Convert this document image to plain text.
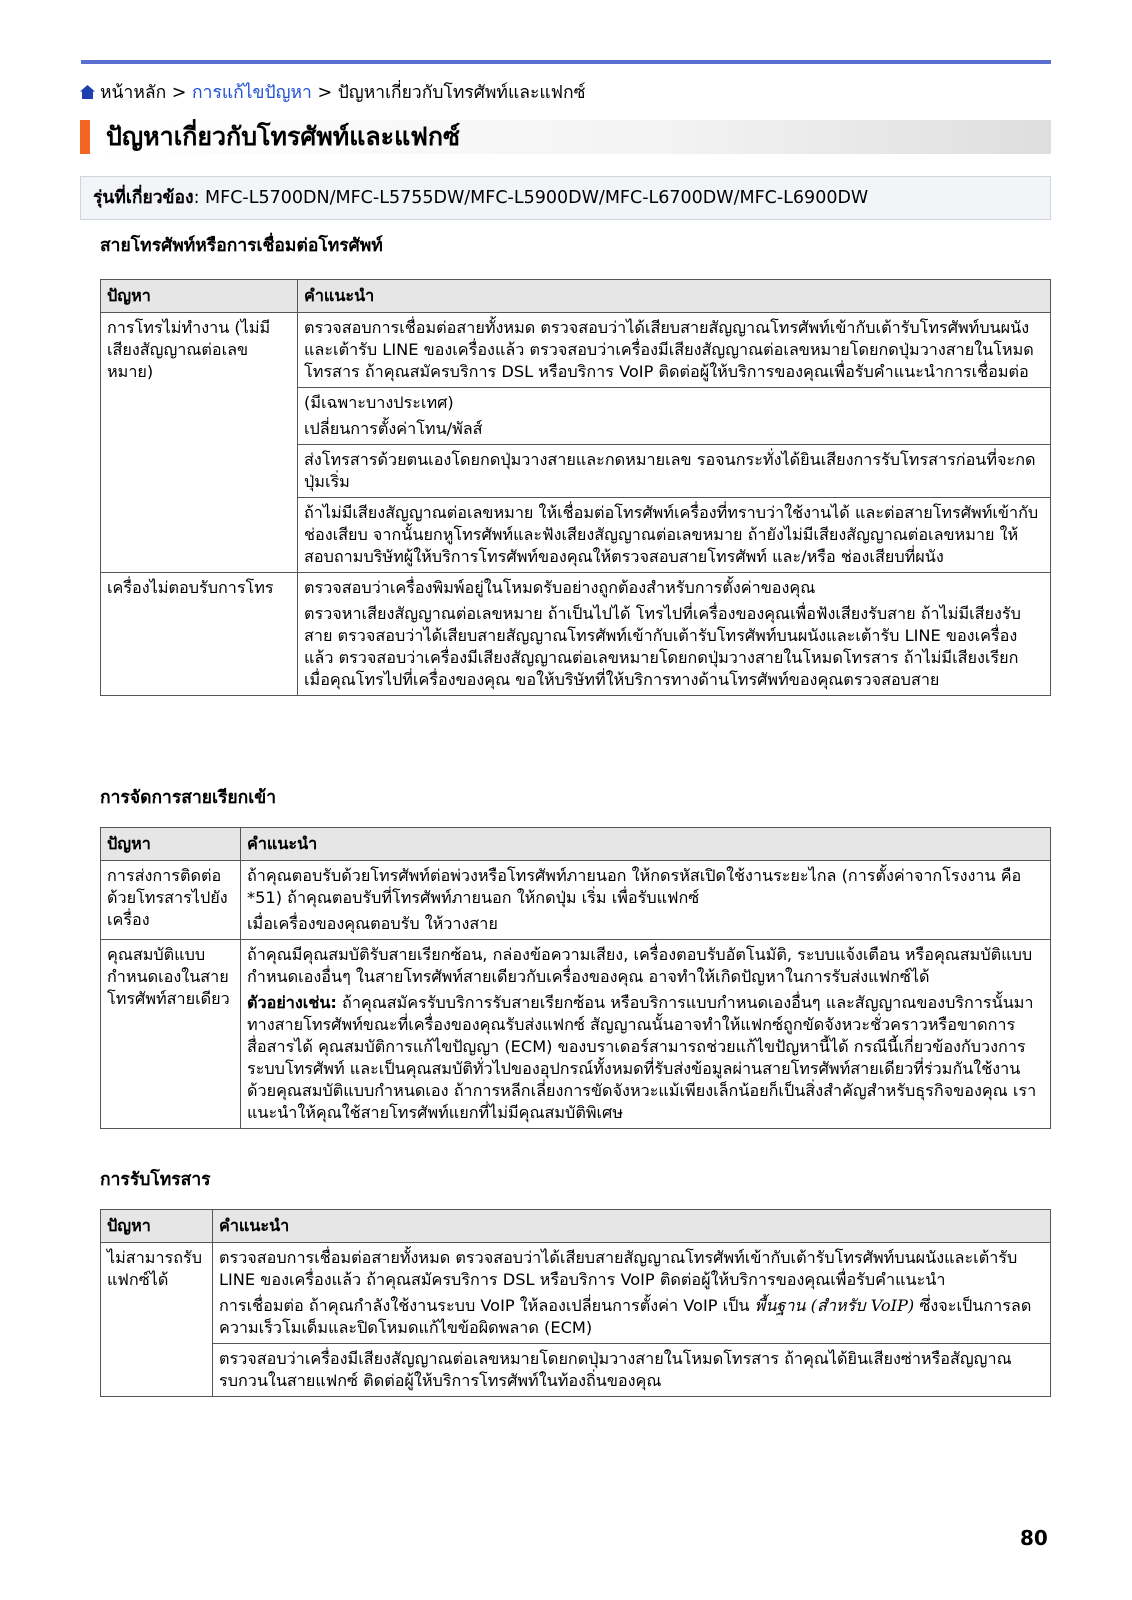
หน้าหลัก > การแก้ไขปัญหา > ปัญหาเกี่ยวกับโทรศัพท์และแฟกซ์
ปัญหาเกี่ยวกับโทรศัพท์และแฟกซ์
รุ่นที่เกี่ยวข้อง: MFC-L5700DN/MFC-L5755DW/MFC-L5900DW/MFC-L6700DW/MFC-L6900DW
สายโทรศัพท์หรือการเชื่อมต่อโทรศัพท์
ปัญหา	คำแนะนำ
การโทรไม่ทำงาน (ไม่มีเสียงสัญญาณต่อเลขหมาย)	ตรวจสอบการเชื่อมต่อสายทั้งหมด ตรวจสอบว่าได้เสียบสายสัญญาณโทรศัพท์เข้ากับเต้ารับโทรศัพท์บนผนังและเต้ารับ LINE ของเครื่องแล้ว ตรวจสอบว่าเครื่องมีเสียงสัญญาณต่อเลขหมายโดยกดปุ่มวางสายในโหมดโทรสาร ถ้าคุณสมัครบริการ DSL หรือบริการ VoIP ติดต่อผู้ให้บริการของคุณเพื่อรับคำแนะนำการเชื่อมต่อ

	(มีเฉพาะบางประเทศ)

เปลี่ยนการตั้งค่าโทน/พัลส์

	ส่งโทรสารด้วยตนเองโดยกดปุ่มวางสายและกดหมายเลข รอจนกระทั่งได้ยินเสียงการรับโทรสารก่อนที่จะกดปุ่มเริ่ม

	ถ้าไม่มีเสียงสัญญาณต่อเลขหมาย ให้เชื่อมต่อโทรศัพท์เครื่องที่ทราบว่าใช้งานได้ และต่อสายโทรศัพท์เข้ากับ ช่องเสียบ จากนั้นยกหูโทรศัพท์และฟังเสียงสัญญาณต่อเลขหมาย ถ้ายังไม่มีเสียงสัญญาณต่อเลขหมาย ให้สอบถามบริษัทผู้ให้บริการโทรศัพท์ของคุณให้ตรวจสอบสายโทรศัพท์ และ/หรือ ช่องเสียบที่ผนัง

เครื่องไม่ตอบรับการโทร	ตรวจสอบว่าเครื่องพิมพ์อยู่ในโหมดรับอย่างถูกต้องสำหรับการตั้งค่าของคุณ

ตรวจหาเสียงสัญญาณต่อเลขหมาย ถ้าเป็นไปได้ โทรไปที่เครื่องของคุณเพื่อฟังเสียงรับสาย ถ้าไม่มีเสียงรับสาย ตรวจสอบว่าได้เสียบสายสัญญาณโทรศัพท์เข้ากับเต้ารับโทรศัพท์บนผนังและเต้ารับ LINE ของเครื่องแล้ว ตรวจสอบว่าเครื่องมีเสียงสัญญาณต่อเลขหมายโดยกดปุ่มวางสายในโหมดโทรสาร ถ้าไม่มีเสียงเรียกเมื่อคุณโทรไปที่เครื่องของคุณ ขอให้บริษัทที่ให้บริการทางด้านโทรศัพท์ของคุณตรวจสอบสาย

การจัดการสายเรียกเข้า
ปัญหา	คำแนะนำ
การส่งการติดต่อด้วยโทรสารไปยังเครื่อง	ถ้าคุณตอบรับด้วยโทรศัพท์ต่อพ่วงหรือโทรศัพท์ภายนอก ให้กดรหัสเปิดใช้งานระยะไกล (การตั้งค่าจากโรงงาน คือ *51) ถ้าคุณตอบรับที่โทรศัพท์ภายนอก ให้กดปุ่ม เริ่ม เพื่อรับแฟกซ์

เมื่อเครื่องของคุณตอบรับ ให้วางสาย

คุณสมบัติแบบกำหนดเองในสายโทรศัพท์สายเดียว	ถ้าคุณมีคุณสมบัติรับสายเรียกซ้อน, กล่องข้อความเสียง, เครื่องตอบรับอัตโนมัติ, ระบบแจ้งเตือน หรือคุณสมบัติแบบกำหนดเองอื่นๆ ในสายโทรศัพท์สายเดียวกับเครื่องของคุณ อาจทำให้เกิดปัญหาในการรับส่งแฟกซ์ได้

ตัวอย่างเช่น: ถ้าคุณสมัครรับบริการรับสายเรียกซ้อน หรือบริการแบบกำหนดเองอื่นๆ และสัญญาณของบริการนั้นมาทางสายโทรศัพท์ขณะที่เครื่องของคุณรับส่งแฟกซ์ สัญญาณนั้นอาจทำให้แฟกซ์ถูกขัดจังหวะชั่วคราวหรือขาดการสื่อสารได้ คุณสมบัติการแก้ไขปัญญา (ECM) ของบราเดอร์สามารถช่วยแก้ไขปัญหานี้ได้ กรณีนี้เกี่ยวข้องกับวงการระบบโทรศัพท์ และเป็นคุณสมบัติทั่วไปของอุปกรณ์ทั้งหมดที่รับส่งข้อมูลผ่านสายโทรศัพท์สายเดียวที่ร่วมกันใช้งานด้วยคุณสมบัติแบบกำหนดเอง ถ้าการหลีกเลี่ยงการขัดจังหวะแม้เพียงเล็กน้อยก็เป็นสิ่งสำคัญสำหรับธุรกิจของคุณ เราแนะนำให้คุณใช้สายโทรศัพท์แยกที่ไม่มีคุณสมบัติพิเศษ

การรับโทรสาร
ปัญหา	คำแนะนำ
ไม่สามารถรับแฟกซ์ได้	ตรวจสอบการเชื่อมต่อสายทั้งหมด ตรวจสอบว่าได้เสียบสายสัญญาณโทรศัพท์เข้ากับเต้ารับโทรศัพท์บนผนังและเต้ารับ LINE ของเครื่องแล้ว ถ้าคุณสมัครบริการ DSL หรือบริการ VoIP ติดต่อผู้ให้บริการของคุณเพื่อรับคำแนะนำ

การเชื่อมต่อ ถ้าคุณกำลังใช้งานระบบ VoIP ให้ลองเปลี่ยนการตั้งค่า VoIP เป็น พื้นฐาน (สำหรับ VoIP) ซึ่งจะเป็นการลดความเร็วโมเด็มและปิดโหมดแก้ไขข้อผิดพลาด (ECM)

	ตรวจสอบว่าเครื่องมีเสียงสัญญาณต่อเลขหมายโดยกดปุ่มวางสายในโหมดโทรสาร ถ้าคุณได้ยินเสียงซ่าหรือสัญญาณรบกวนในสายแฟกซ์ ติดต่อผู้ให้บริการโทรศัพท์ในท้องถิ่นของคุณ

80
